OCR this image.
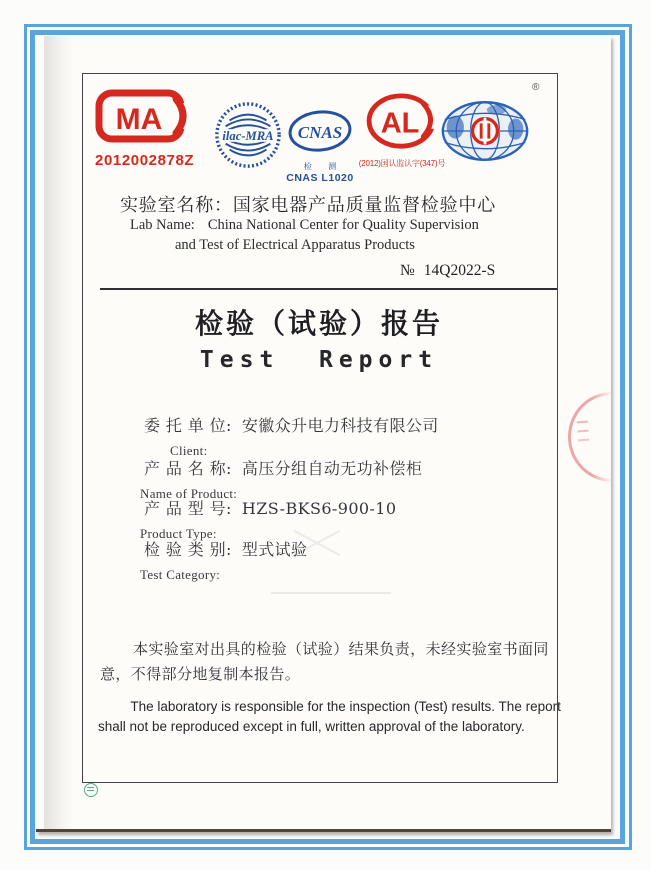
MA
2012002878Z
ilac-MRA CNAS
检 测
CNAS L1020
AL
(2012)国认监认字(347)号
®
实验室名称：国家电器产品质量监督检验中心
Lab Name: China National Center for Quality Supervision
and Test of Electrical Apparatus Products
№ 14Q2022-S
检验（试验）报告
Test  Report
委 托 单 位: 安徽众升电力科技有限公司
Client:
产 品 名 称: 高压分组自动无功补偿柜
Name of Product:
产 品 型 号: HZS-BKS6-900-10
Product Type:
检 验 类 别: 型式试验
Test Category:
本实验室对出具的检验（试验）结果负责，未经实验室书面同意，不得部分地复制本报告。
The laboratory is responsible for the inspection (Test) results. The report shall not be reproduced except in full, written approval of the laboratory.
